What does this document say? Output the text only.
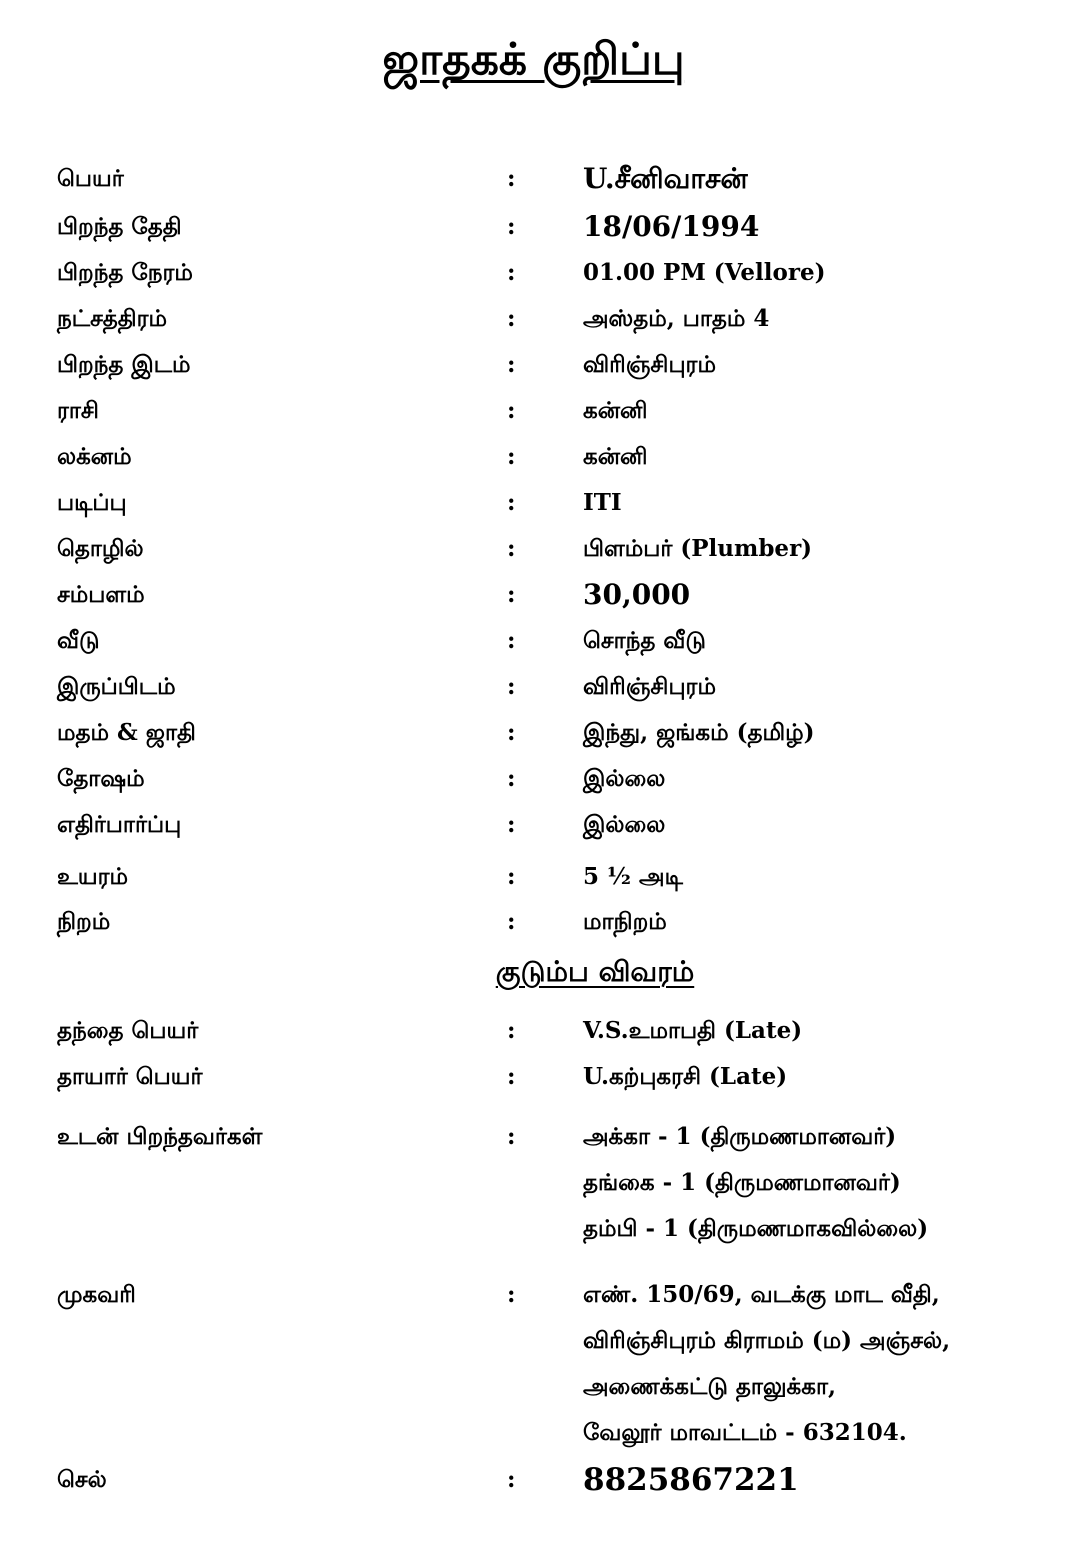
ஜாதகக் குறிப்பு
பெயர்	: U.சீனிவாசன்
பிறந்த தேதி	: 18/06/1994
பிறந்த நேரம்	:	01.00 PM (Vellore)
நட்சத்திரம்	:	அஸ்தம், பாதம் 4
பிறந்த இடம்	:	விரிஞ்சிபுரம்
ராசி	:	கன்னி
லக்னம்	:	கன்னி
படிப்பு	:	ITI
தொழில்	:	பிளம்பர் (Plumber)
சம்பளம்	: 30,000
வீடு	:	சொந்த வீடு
இருப்பிடம்	:	விரிஞ்சிபுரம்
மதம் & ஜாதி	:	இந்து, ஜங்கம் (தமிழ்)
தோஷம்	:	இல்லை
எதிர்பார்ப்பு	:	இல்லை
உயரம்	:	5 ½ அடி
நிறம்	:	மாநிறம்
குடும்ப விவரம்
தந்தை பெயர்	:	V.S.உமாபதி (Late)
தாயார் பெயர்	:	U.கற்புகரசி (Late)
உடன் பிறந்தவர்கள்	:	அக்கா - 1 (திருமணமானவர்)
தங்கை - 1 (திருமணமானவர்)
தம்பி - 1 (திருமணமாகவில்லை)
முகவரி	:	எண். 150/69, வடக்கு மாட வீதி,
விரிஞ்சிபுரம் கிராமம் (ம) அஞ்சல்,
அணைக்கட்டு தாலுக்கா,
வேலூர் மாவட்டம் - 632104.
செல்	: 8825867221
